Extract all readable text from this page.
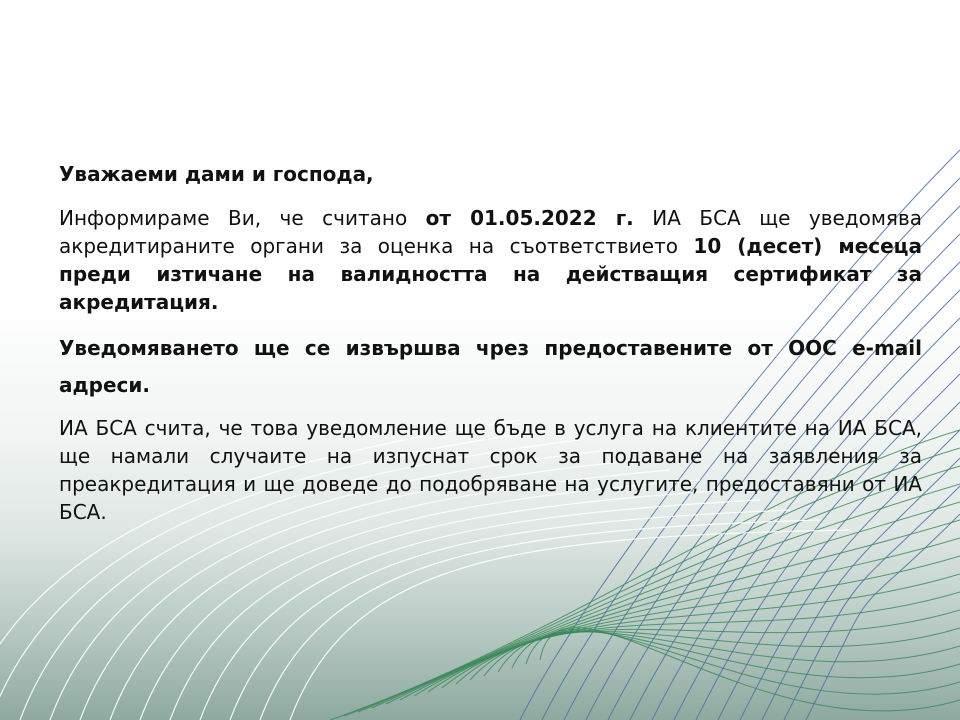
Уважаеми дами и господа,

Информираме Ви, че считано от 01.05.2022 г. ИА БСА ще уведомява акредитираните органи за оценка на съответствието 10 (десет) месеца преди изтичане на валидността на действащия сертификат за акредитация.

Уведомяването ще се извършва чрез предоставените от ООС e-mail адреси.

ИА БСА счита, че това уведомление ще бъде в услуга на клиентите на ИА БСА, ще намали случаите на изпуснат срок за подаване на заявления за преакредитация и ще доведе до подобряване на услугите, предоставяни от ИА БСА.
